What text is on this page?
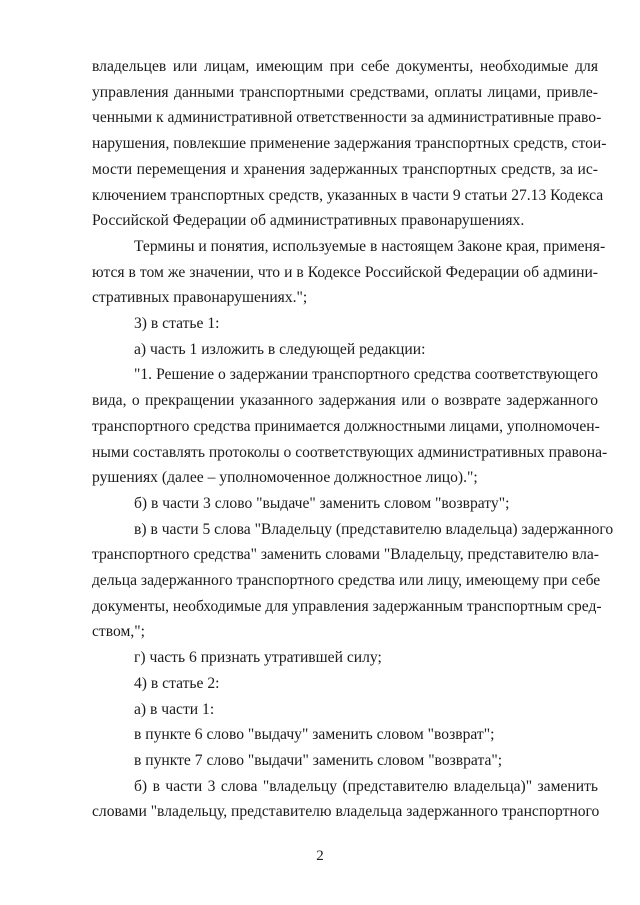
владельцев или лицам, имеющим при себе документы, необходимые для
управления данными транспортными средствами, оплаты лицами, привле-
ченными к административной ответственности за административные право-
нарушения, повлекшие применение задержания транспортных средств, стои-
мости перемещения и хранения задержанных транспортных средств, за ис-
ключением транспортных средств, указанных в части 9 статьи 27.13 Кодекса
Российской Федерации об административных правонарушениях.
Термины и понятия, используемые в настоящем Законе края, применя-
ются в том же значении, что и в Кодексе Российской Федерации об админи-
стративных правонарушениях.";
3) в статье 1:
а) часть 1 изложить в следующей редакции:
"1. Решение о задержании транспортного средства соответствующего
вида, о прекращении указанного задержания или о возврате задержанного
транспортного средства принимается должностными лицами, уполномочен-
ными составлять протоколы о соответствующих административных правона-
рушениях (далее – уполномоченное должностное лицо).";
б) в части 3 слово "выдаче" заменить словом "возврату";
в) в части 5 слова "Владельцу (представителю владельца) задержанного
транспортного средства" заменить словами "Владельцу, представителю вла-
дельца задержанного транспортного средства или лицу, имеющему при себе
документы, необходимые для управления задержанным транспортным сред-
ством,";
г) часть 6 признать утратившей силу;
4) в статье 2:
а) в части 1:
в пункте 6 слово "выдачу" заменить словом "возврат";
в пункте 7 слово "выдачи" заменить словом "возврата";
б) в части 3 слова "владельцу (представителю владельца)" заменить
словами "владельцу, представителю владельца задержанного транспортного
2
